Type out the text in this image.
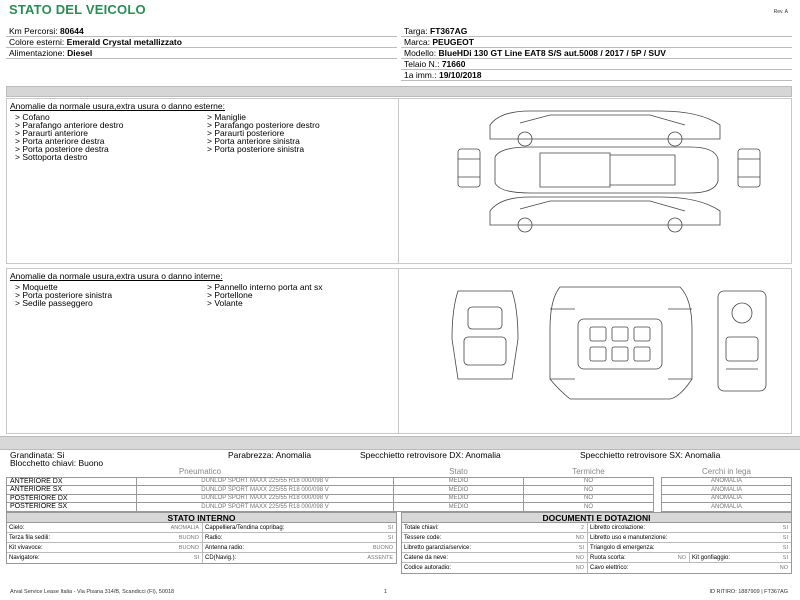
STATO DEL VEICOLO	Rev. A
Km Percorsi: 80644
Colore esterni: Emerald Crystal metallizzato
Alimentazione: Diesel
Targa: FT367AG
Marca: PEUGEOT
Modello: BlueHDi 130 GT Line EAT8 S/S aut.5008 / 2017 / 5P / SUV
Telaio N.: 71660
1a imm.: 19/10/2018
Anomalie da normale usura,extra usura o danno esterne:
> Cofano
> Parafango anteriore destro
> Paraurti anteriore
> Porta anteriore destra
> Porta posteriore destra
> Sottoporta destro
> Maniglie
> Parafango posteriore destro
> Paraurti posteriore
> Porta anteriore sinistra
> Porta posteriore sinistra
Anomalie da normale usura,extra usura o danno interne:
> Moquette
> Porta posteriore sinistra
> Sedile passeggero
> Pannello interno porta ant sx
> Portellone
> Volante
Grandinata: Si
Blocchetto chiavi: Buono
Parabrezza: Anomalia	Specchietto retrovisore DX: Anomalia	Specchietto retrovisore SX: Anomalia
Pneumatico		Stato	Termiche		Cerchi in lega
ANTERIORE DX	DUNLOP SPORT MAXX 225/55 R18 000/098 V	MEDIO	NO		ANOMALIA
ANTERIORE SX	DUNLOP SPORT MAXX 225/55 R18 000/098 V	MEDIO	NO		ANOMALIA
POSTERIORE DX	DUNLOP SPORT MAXX 225/55 R18 000/098 V	MEDIO	NO		ANOMALIA
POSTERIORE SX	DUNLOP SPORT MAXX 225/55 R18 000/098 V	MEDIO	NO		ANOMALIA
STATO INTERNO
Cielo:	ANOMALIA	Cappelliera/Tendina copribag:	SI
Terza fila sedili:	BUONO	Radio:	SI
Kit vivavoce:	BUONO	Antenna radio:	BUONO
Navigatore:	SI	CD(Navig.):	ASSENTE
DOCUMENTI E DOTAZIONI
Totale chiavi:	2	Libretto circolazione:	SI
Tessere code:	NO	Libretto uso e manutenzione:	SI
Libretto garanzia/service:	SI	Triangolo di emergenza:	SI
Catene da neve:	NO	Ruota scorta:	NO	Kit gonfiaggio:	SI
Codice autoradio:	NO	Cavo elettrico:	NO
Arval Service Lease Italia - Via Pisana 314/B, Scandicci (FI), 50018	1	ID RITIRO: 1887909 | FT367AG
